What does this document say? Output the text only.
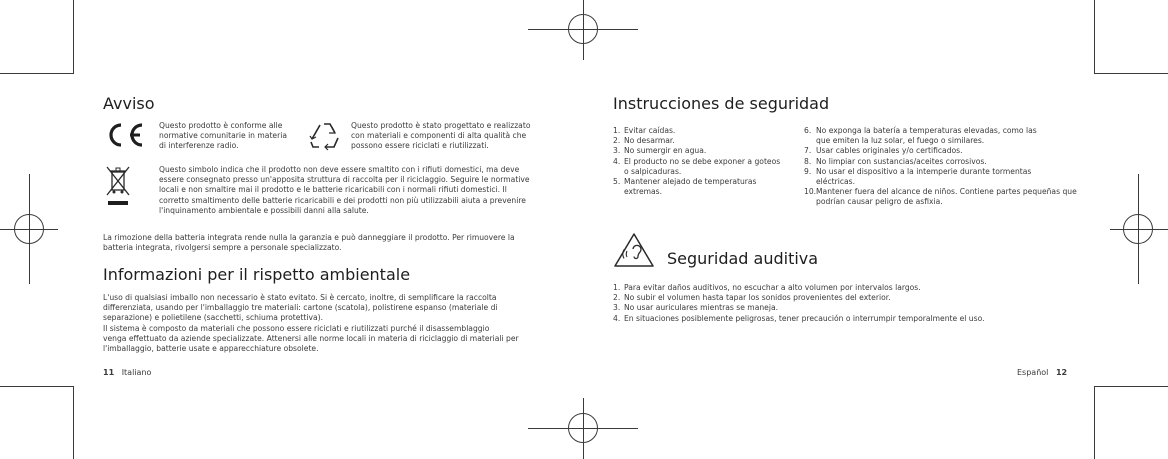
Avviso
Questo prodotto è conforme alle
normative comunitarie in materia
di interferenze radio.
Questo prodotto è stato progettato e realizzato
con materiali e componenti di alta qualità che
possono essere riciclati e riutilizzati.
Questo simbolo indica che il prodotto non deve essere smaltito con i rifiuti domestici, ma deve
essere consegnato presso un'apposita struttura di raccolta per il riciclaggio. Seguire le normative
locali e non smaltire mai il prodotto e le batterie ricaricabili con i normali rifiuti domestici. Il
corretto smaltimento delle batterie ricaricabili e dei prodotti non più utilizzabili aiuta a prevenire
l'inquinamento ambientale e possibili danni alla salute.
La rimozione della batteria integrata rende nulla la garanzia e può danneggiare il prodotto. Per rimuovere la
batteria integrata, rivolgersi sempre a personale specializzato.
Informazioni per il rispetto ambientale
L'uso di qualsiasi imballo non necessario è stato evitato. Si è cercato, inoltre, di semplificare la raccolta
differenziata, usando per l'imballaggio tre materiali: cartone (scatola), polistirene espanso (materiale di
separazione) e polietilene (sacchetti, schiuma protettiva).
Il sistema è composto da materiali che possono essere riciclati e riutilizzati purché il disassemblaggio
venga effettuato da aziende specializzate. Attenersi alle norme locali in materia di riciclaggio di materiali per
l'imballaggio, batterie usate e apparecchiature obsolete.
11 Italiano
Instrucciones de seguridad
1. Evitar caídas.
2. No desarmar.
3. No sumergir en agua.
4. El producto no se debe exponer a goteos
o salpicaduras.
5. Mantener alejado de temperaturas
extremas.
6. No exponga la batería a temperaturas elevadas, como las
que emiten la luz solar, el fuego o similares.
7. Usar cables originales y/o certificados.
8. No limpiar con sustancias/aceites corrosivos.
9. No usar el dispositivo a la intemperie durante tormentas
eléctricas.
10. Mantener fuera del alcance de niños. Contiene partes pequeñas que
podrían causar peligro de asfixia.
Seguridad auditiva
1. Para evitar daños auditivos, no escuchar a alto volumen por intervalos largos.
2. No subir el volumen hasta tapar los sonidos provenientes del exterior.
3. No usar auriculares mientras se maneja.
4. En situaciones posiblemente peligrosas, tener precaución o interrumpir temporalmente el uso.
Español 12
